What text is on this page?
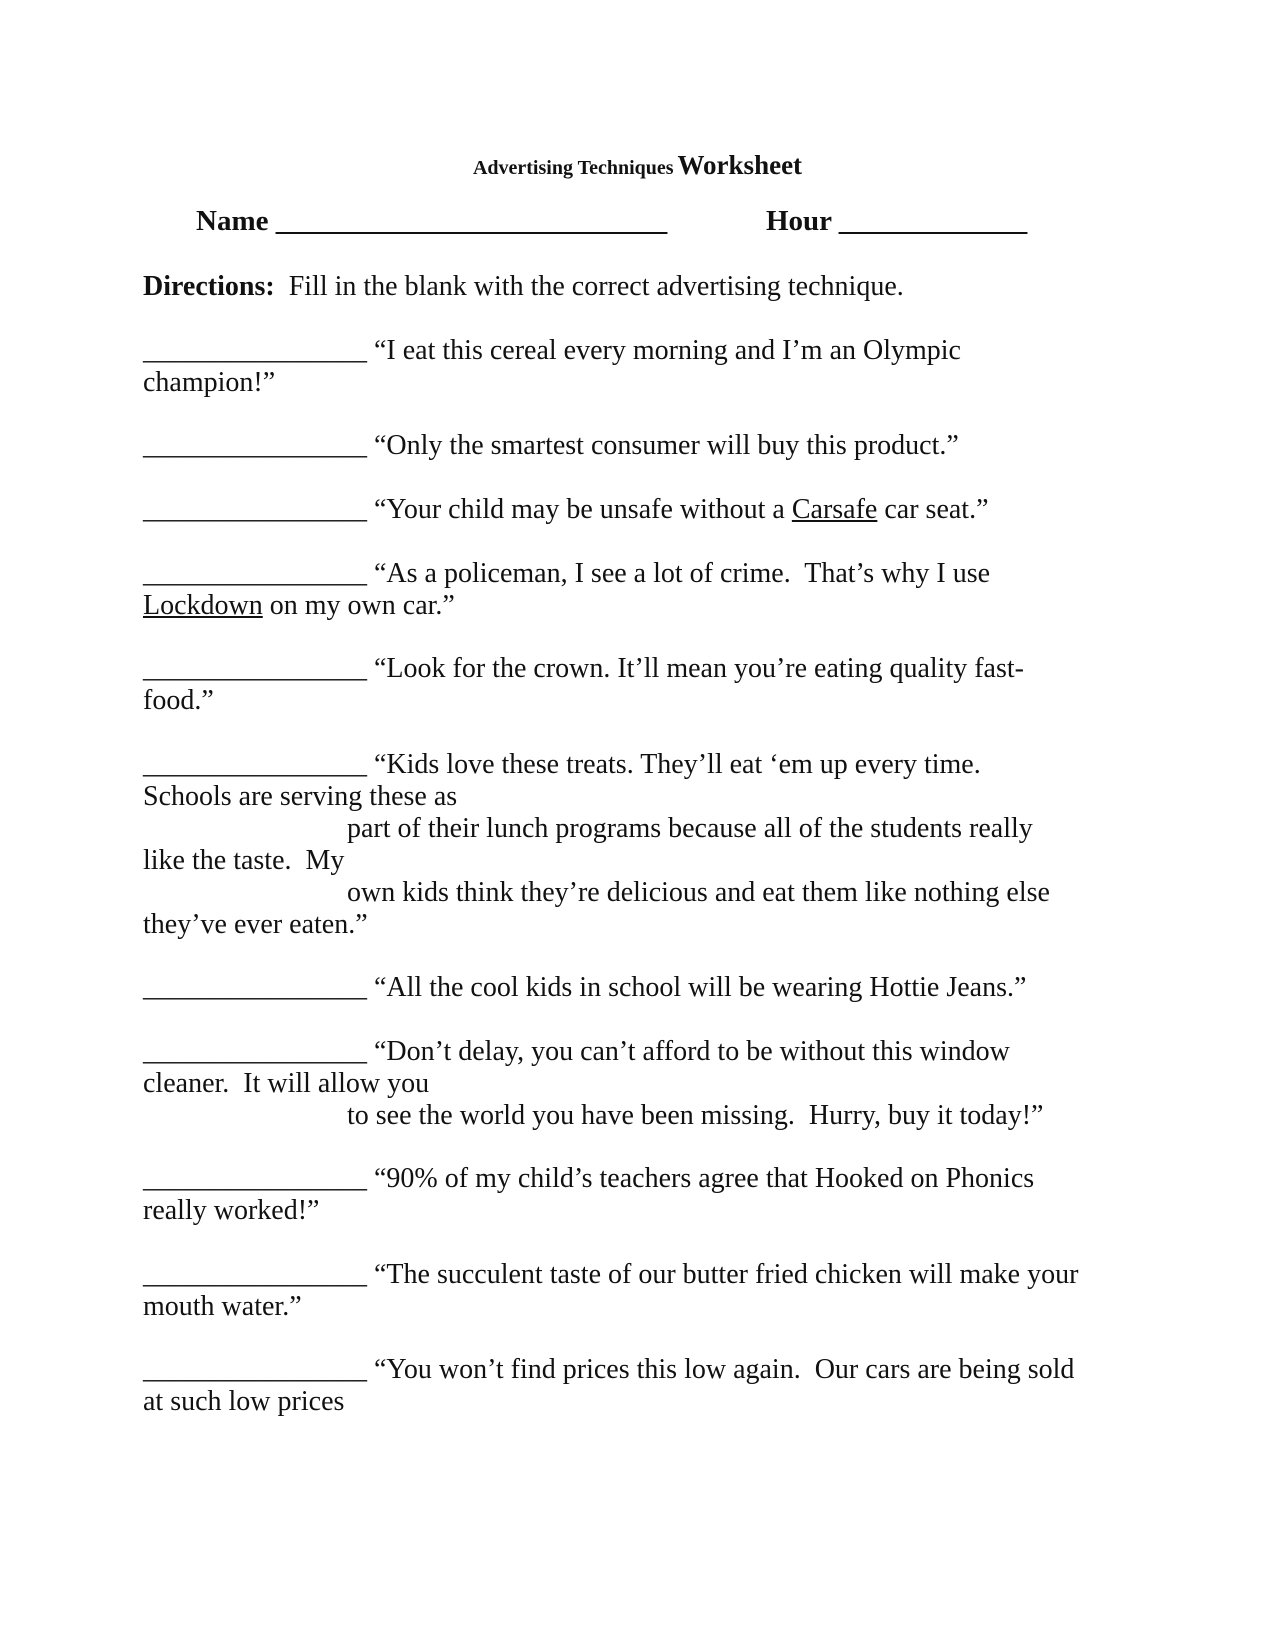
Advertising Techniques Worksheet
Name ___________________________	Hour _____________
Directions: Fill in the blank with the correct advertising technique.
________________ “I eat this cereal every morning and I’m an Olympic
champion!”
________________ “Only the smartest consumer will buy this product.”
________________ “Your child may be unsafe without a Carsafe car seat.”
________________ “As a policeman, I see a lot of crime.  That’s why I use
Lockdown on my own car.”
________________ “Look for the crown. It’ll mean you’re eating quality fast-
food.”
________________ “Kids love these treats. They’ll eat ‘em up every time.
Schools are serving these as
part of their lunch programs because all of the students really
like the taste.  My
own kids think they’re delicious and eat them like nothing else
they’ve ever eaten.”
________________ “All the cool kids in school will be wearing Hottie Jeans.”
________________ “Don’t delay, you can’t afford to be without this window
cleaner.  It will allow you
to see the world you have been missing.  Hurry, buy it today!”
________________ “90% of my child’s teachers agree that Hooked on Phonics
really worked!”
________________ “The succulent taste of our butter fried chicken will make your
mouth water.”
________________ “You won’t find prices this low again.  Our cars are being sold
at such low prices
